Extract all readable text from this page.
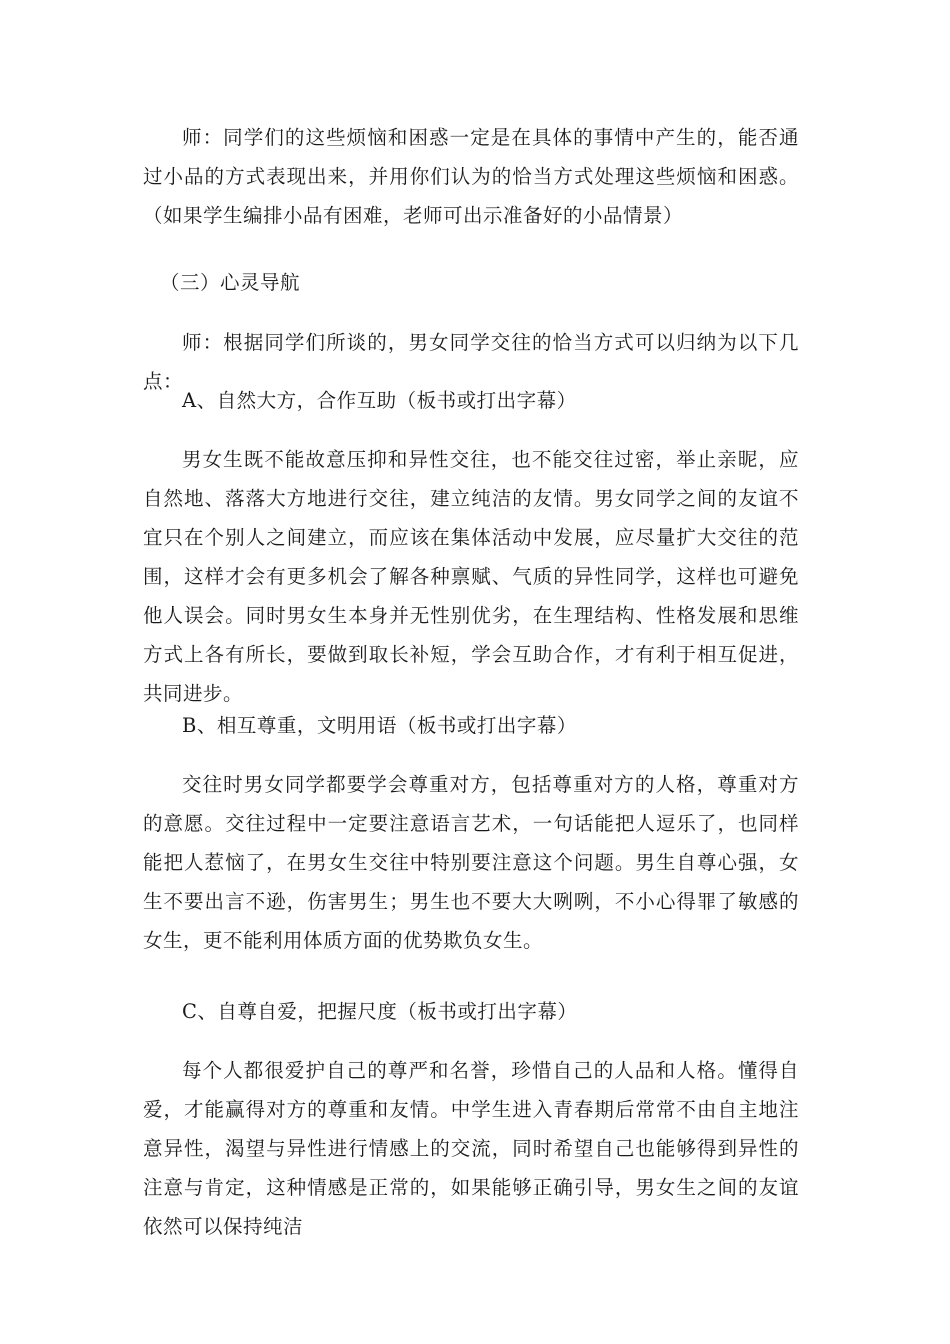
师：同学们的这些烦恼和困惑一定是在具体的事情中产生的，能否通过小品的方式表现出来，并用你们认为的恰当方式处理这些烦恼和困惑。（如果学生编排小品有困难，老师可出示准备好的小品情景）

（三）心灵导航

师：根据同学们所谈的，男女同学交往的恰当方式可以归纳为以下几点：

A、自然大方，合作互助（板书或打出字幕）

男女生既不能故意压抑和异性交往，也不能交往过密，举止亲昵，应自然地、落落大方地进行交往，建立纯洁的友情。男女同学之间的友谊不宜只在个别人之间建立，而应该在集体活动中发展，应尽量扩大交往的范围，这样才会有更多机会了解各种禀赋、气质的异性同学，这样也可避免他人误会。同时男女生本身并无性别优劣，在生理结构、性格发展和思维方式上各有所长，要做到取长补短，学会互助合作，才有利于相互促进，共同进步。

B、相互尊重，文明用语（板书或打出字幕）

交往时男女同学都要学会尊重对方，包括尊重对方的人格，尊重对方的意愿。交往过程中一定要注意语言艺术，一句话能把人逗乐了，也同样能把人惹恼了，在男女生交往中特别要注意这个问题。男生自尊心强，女生不要出言不逊，伤害男生；男生也不要大大咧咧，不小心得罪了敏感的女生，更不能利用体质方面的优势欺负女生。

C、自尊自爱，把握尺度（板书或打出字幕）

每个人都很爱护自己的尊严和名誉，珍惜自己的人品和人格。懂得自爱，才能赢得对方的尊重和友情。中学生进入青春期后常常不由自主地注意异性，渴望与异性进行情感上的交流，同时希望自己也能够得到异性的注意与肯定，这种情感是正常的，如果能够正确引导，男女生之间的友谊依然可以保持纯洁
